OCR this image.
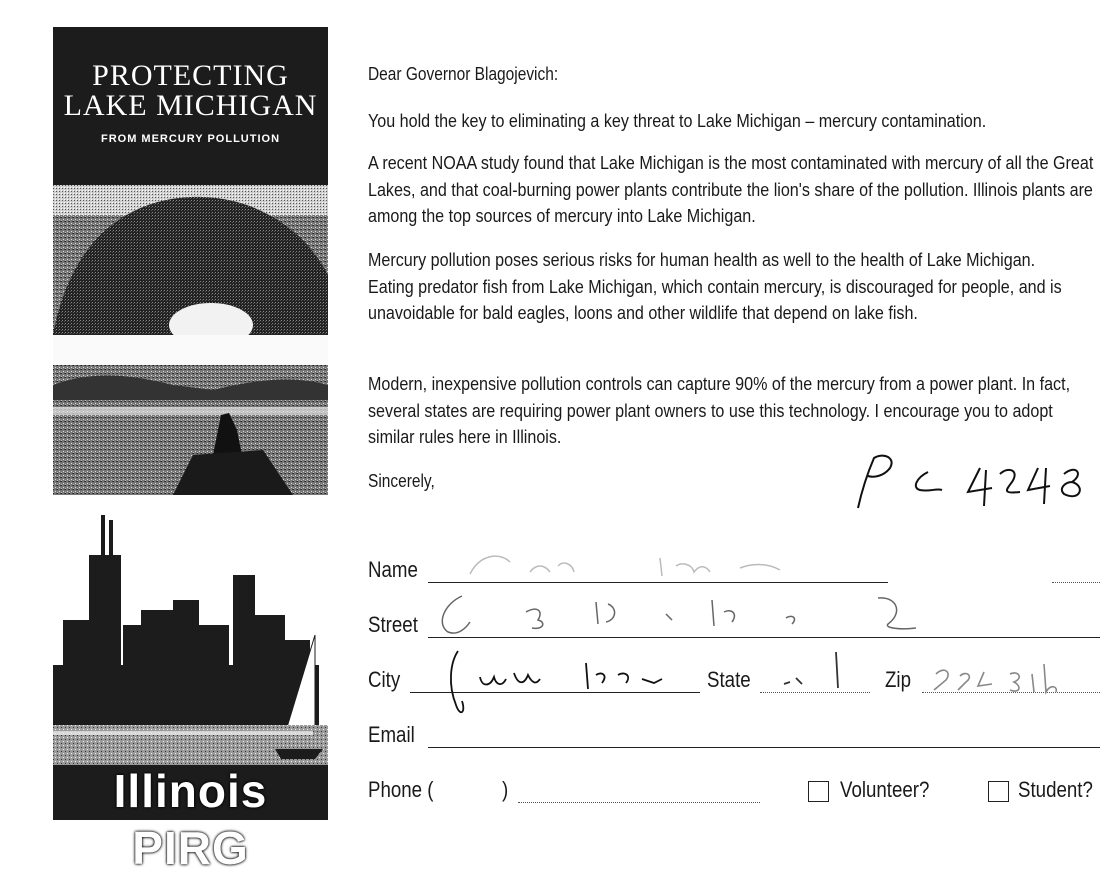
PROTECTING
LAKE MICHIGAN
FROM MERCURY POLLUTION
Illinois PIRG
Dear Governor Blagojevich:
You hold the key to eliminating a key threat to Lake Michigan – mercury contamination.
A recent NOAA study found that Lake Michigan is the most contaminated with mercury of all the Great Lakes, and that coal-burning power plants contribute the lion's share of the pollution. Illinois plants are among the top sources of mercury into Lake Michigan.
Mercury pollution poses serious risks for human health as well to the health of Lake Michigan. Eating predator fish from Lake Michigan, which contain mercury, is discouraged for people, and is unavoidable for bald eagles, loons and other wildlife that depend on lake fish.
Modern, inexpensive pollution controls can capture 90% of the mercury from a power plant. In fact, several states are requiring power plant owners to use this technology. I encourage you to adopt similar rules here in Illinois.
Sincerely,
Name
Street
City	State	Zip
Email
Phone (	)	Volunteer?	Student?
